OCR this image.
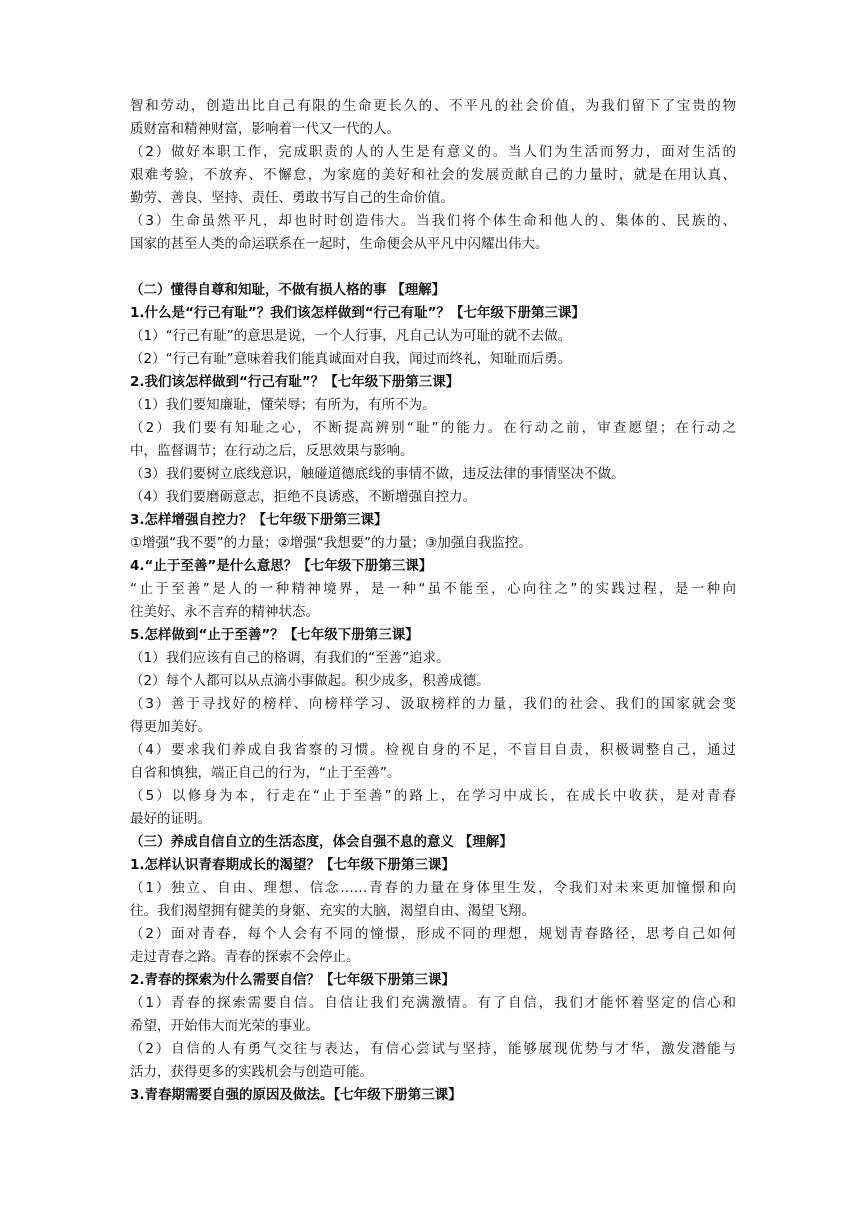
智和劳动，创造出比自己有限的生命更长久的、不平凡的社会价值，为我们留下了宝贵的物
质财富和精神财富，影响着一代又一代的人。
（2）做好本职工作，完成职责的人的人生是有意义的。当人们为生活而努力，面对生活的
艰难考验，不放弃、不懈怠，为家庭的美好和社会的发展贡献自己的力量时，就是在用认真、
勤劳、善良、坚持、责任、勇敢书写自己的生命价值。
（3）生命虽然平凡，却也时时创造伟大。当我们将个体生命和他人的、集体的、民族的、
国家的甚至人类的命运联系在一起时，生命便会从平凡中闪耀出伟大。
（二）懂得自尊和知耻，不做有损人格的事 【理解】
1.什么是“行己有耻”？我们该怎样做到“行己有耻”？【七年级下册第三课】
（1）“行己有耻”的意思是说，一个人行事，凡自己认为可耻的就不去做。
（2）“行己有耻”意味着我们能真诚面对自我，闻过而终礼，知耻而后勇。
2.我们该怎样做到“行己有耻”？【七年级下册第三课】
（1）我们要知廉耻，懂荣辱；有所为，有所不为。
（2）我们要有知耻之心，不断提高辨别“耻”的能力。在行动之前，审查愿望；在行动之
中，监督调节；在行动之后，反思效果与影响。
（3）我们要树立底线意识，触碰道德底线的事情不做，违反法律的事情坚决不做。
（4）我们要磨砺意志，拒绝不良诱惑，不断增强自控力。
3.怎样增强自控力？【七年级下册第三课】
①增强“我不要”的力量；②增强“我想要”的力量；③加强自我监控。
4.“止于至善”是什么意思？【七年级下册第三课】
“止于至善”是人的一种精神境界，是一种“虽不能至，心向往之”的实践过程，是一种向
往美好、永不言弃的精神状态。
5.怎样做到“止于至善”？【七年级下册第三课】
（1）我们应该有自己的格调，有我们的“至善”追求。
（2）每个人都可以从点滴小事做起。积少成多，积善成德。
（3）善于寻找好的榜样、向榜样学习、汲取榜样的力量，我们的社会、我们的国家就会变
得更加美好。
（4）要求我们养成自我省察的习惯。检视自身的不足，不盲目自责，积极调整自己，通过
自省和慎独，端正自己的行为，“止于至善”。
（5）以修身为本，行走在“止于至善”的路上，在学习中成长，在成长中收获，是对青春
最好的证明。
（三）养成自信自立的生活态度，体会自强不息的意义 【理解】
1.怎样认识青春期成长的渴望？【七年级下册第三课】
（1）独立、自由、理想、信念……青春的力量在身体里生发，令我们对未来更加憧憬和向
往。我们渴望拥有健美的身躯、充实的大脑，渴望自由、渴望飞翔。
（2）面对青春，每个人会有不同的憧憬，形成不同的理想，规划青春路径，思考自己如何
走过青春之路。青春的探索不会停止。
2.青春的探索为什么需要自信？【七年级下册第三课】
（1）青春的探索需要自信。自信让我们充满激情。有了自信，我们才能怀着坚定的信心和
希望，开始伟大而光荣的事业。
（2）自信的人有勇气交往与表达，有信心尝试与坚持，能够展现优势与才华，激发潜能与
活力，获得更多的实践机会与创造可能。
3.青春期需要自强的原因及做法。【七年级下册第三课】
